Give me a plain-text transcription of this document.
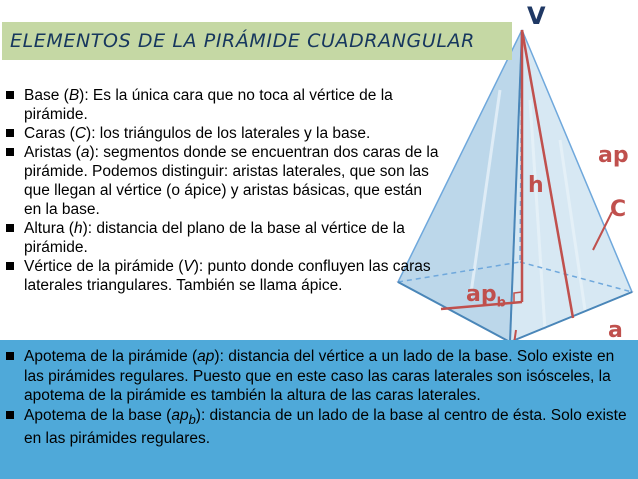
V
ap
h
C
$ap_b$
a
ELEMENTOS DE LA PIRÁMIDE CUADRANGULAR
Base (B): Es la única cara que no toca al vértice de la pirámide.
Caras (C): los triángulos de los laterales y la base.
Aristas (a): segmentos donde se encuentran dos caras de la pirámide. Podemos distinguir: aristas laterales, que son las que llegan al vértice (o ápice) y aristas básicas, que están en la base.
Altura (h): distancia del plano de la base al vértice de la pirámide.
Vértice de la pirámide (V): punto donde confluyen las caras laterales triangulares. También se llama ápice.
Apotema de la pirámide (ap): distancia del vértice a un lado de la base. Solo existe en las pirámides regulares. Puesto que en este caso las caras laterales son isósceles, la apotema de la pirámide es también la altura de las caras laterales.
Apotema de la base $(ap_b)$: distancia de un lado de la base al centro de ésta. Solo existe en las pirámides regulares.
